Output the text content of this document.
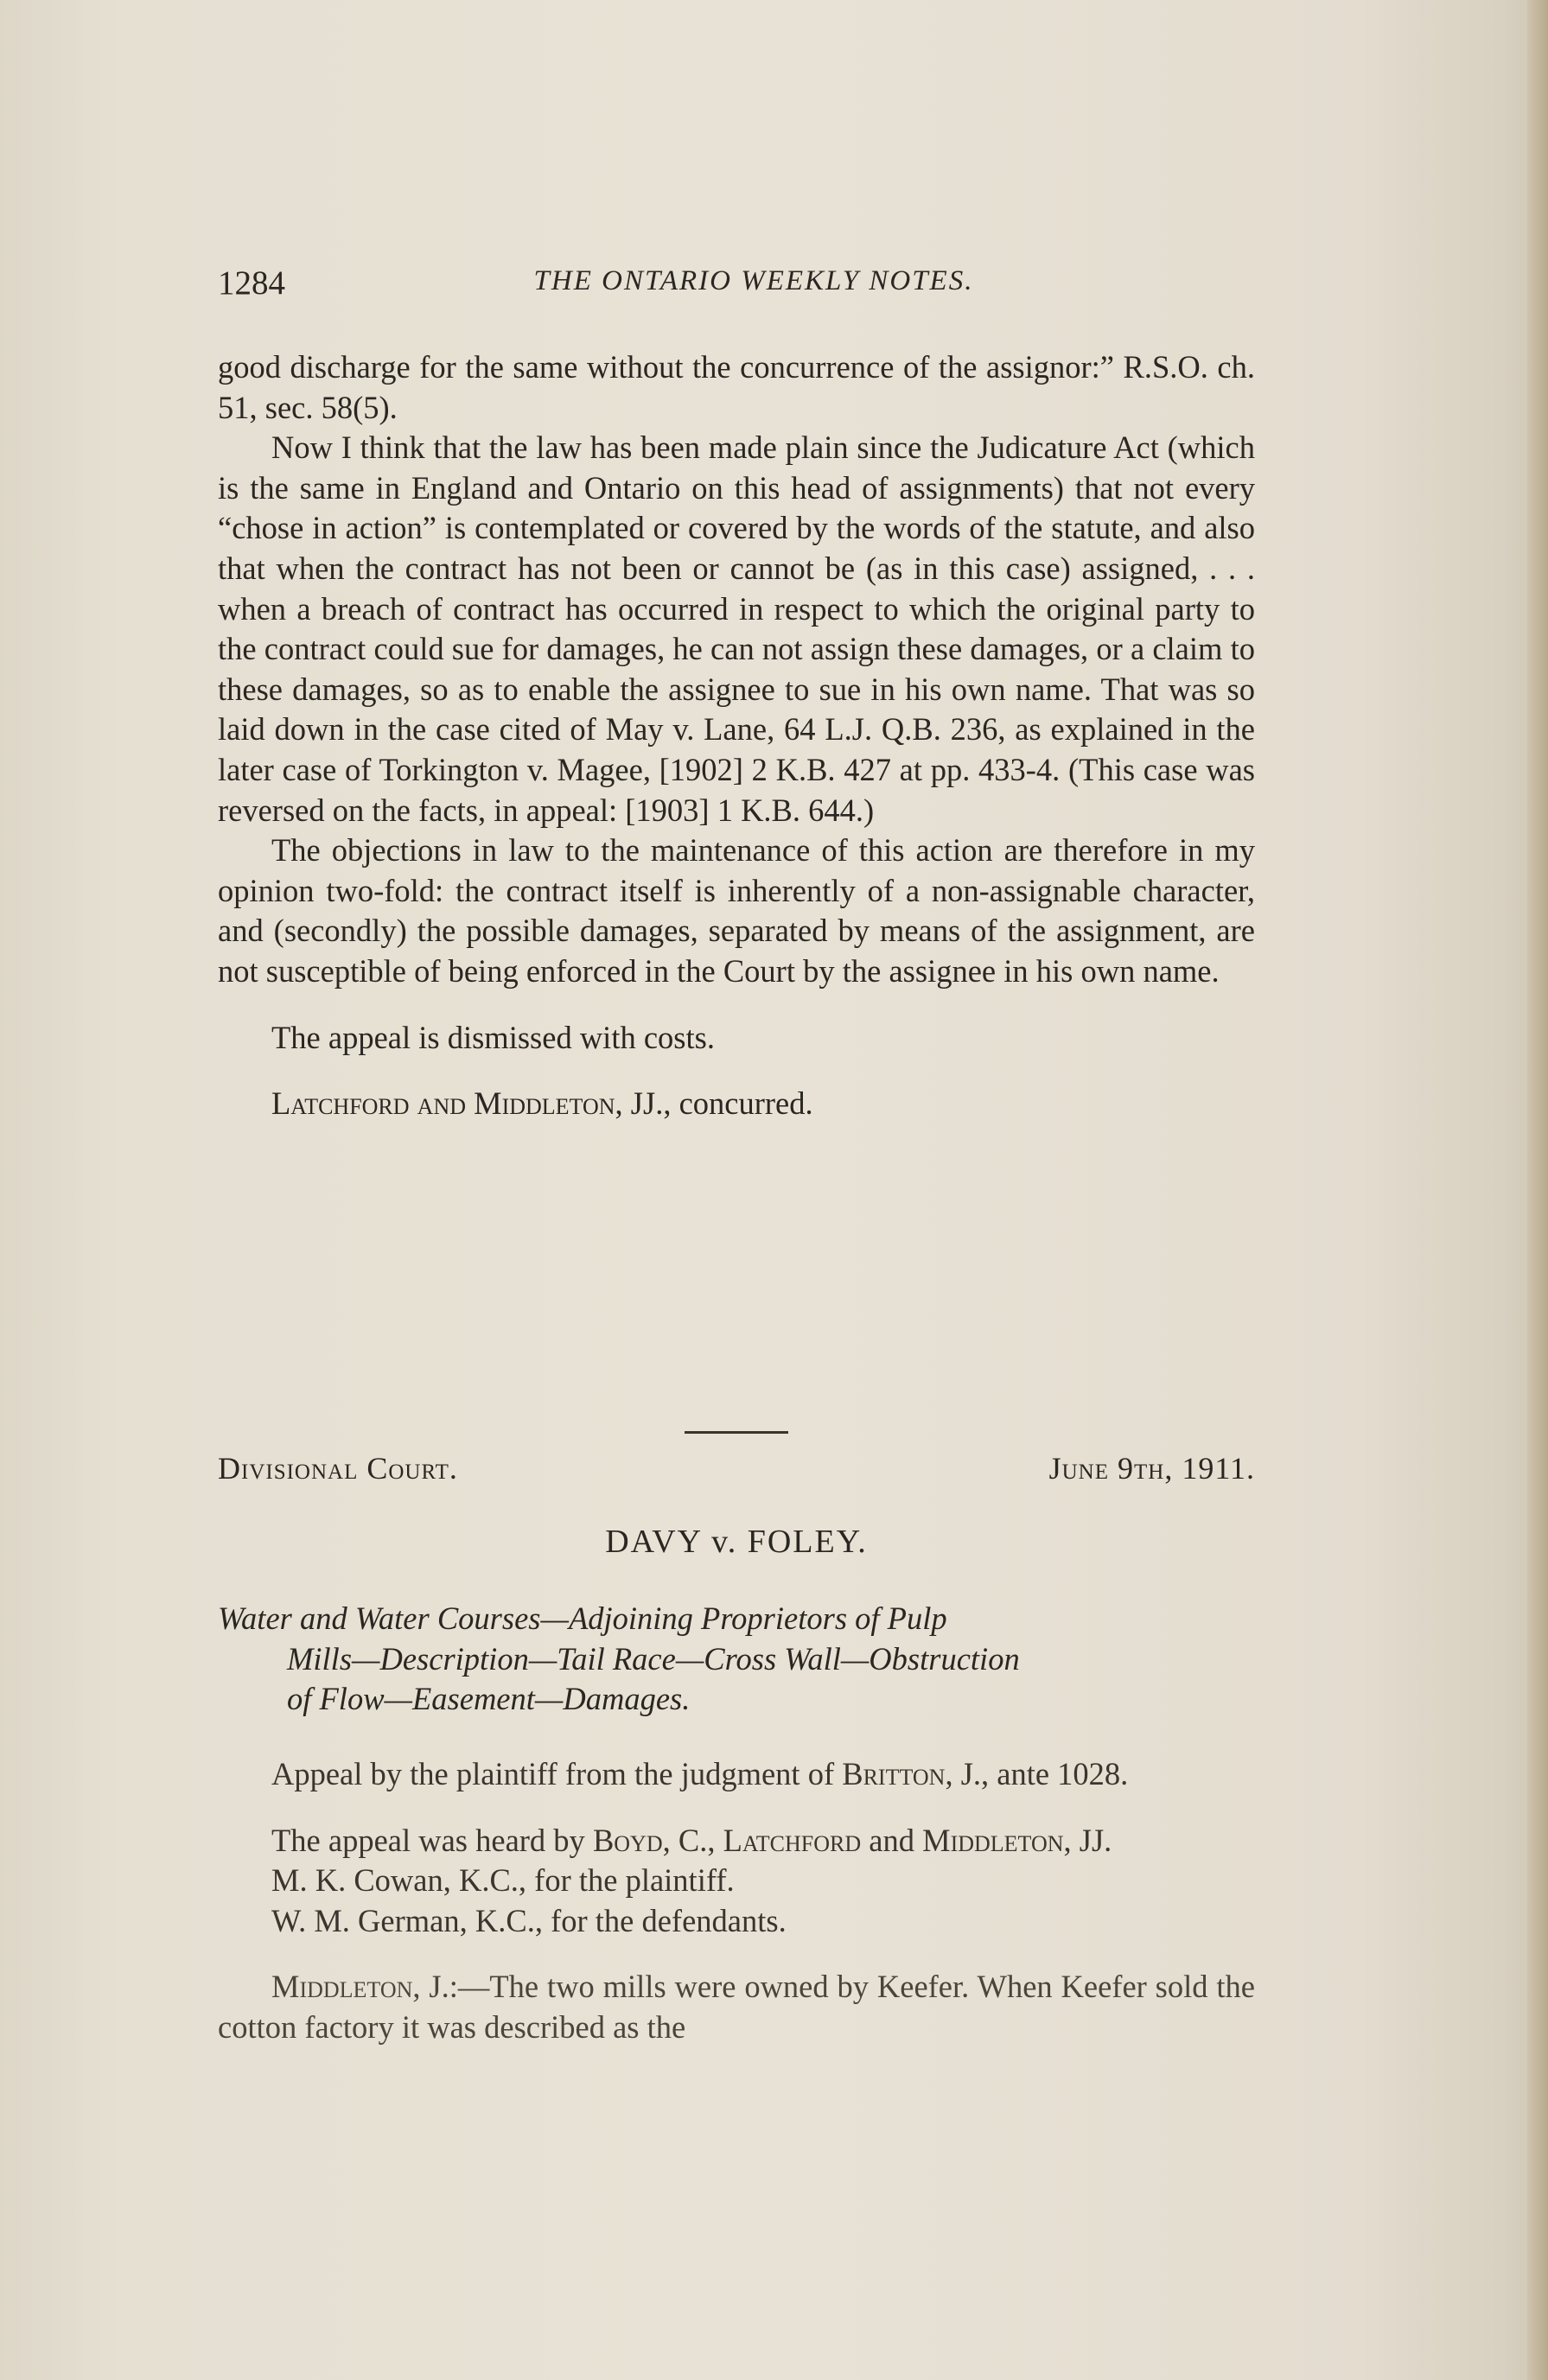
1284	THE ONTARIO WEEKLY NOTES.

good discharge for the same without the concurrence of the assignor:” R.S.O. ch. 51, sec. 58(5).

Now I think that the law has been made plain since the Judicature Act (which is the same in England and Ontario on this head of assignments) that not every “chose in action” is contemplated or covered by the words of the statute, and also that when the contract has not been or cannot be (as in this case) assigned, . . . when a breach of contract has occurred in respect to which the original party to the contract could sue for damages, he can not assign these damages, or a claim to these damages, so as to enable the assignee to sue in his own name. That was so laid down in the case cited of May v. Lane, 64 L.J. Q.B. 236, as explained in the later case of Torkington v. Magee, [1902] 2 K.B. 427 at pp. 433-4. (This case was reversed on the facts, in appeal: [1903] 1 K.B. 644.)

The objections in law to the maintenance of this action are therefore in my opinion two-fold: the contract itself is inherently of a non-assignable character, and (secondly) the possible damages, separated by means of the assignment, are not susceptible of being enforced in the Court by the assignee in his own name.

The appeal is dismissed with costs.

Latchford and Middleton, JJ., concurred.

Divisional Court.	June 9th, 1911.
DAVY v. FOLEY.
Water and Water Courses—Adjoining Proprietors of Pulp
Mills—Description—Tail Race—Cross Wall—Obstruction
of Flow—Easement—Damages.

Appeal by the plaintiff from the judgment of Britton, J., ante 1028.

The appeal was heard by Boyd, C., Latchford and Middleton, JJ.

M. K. Cowan, K.C., for the plaintiff.

W. M. German, K.C., for the defendants.

Middleton, J.:—The two mills were owned by Keefer. When Keefer sold the cotton factory it was described as the
